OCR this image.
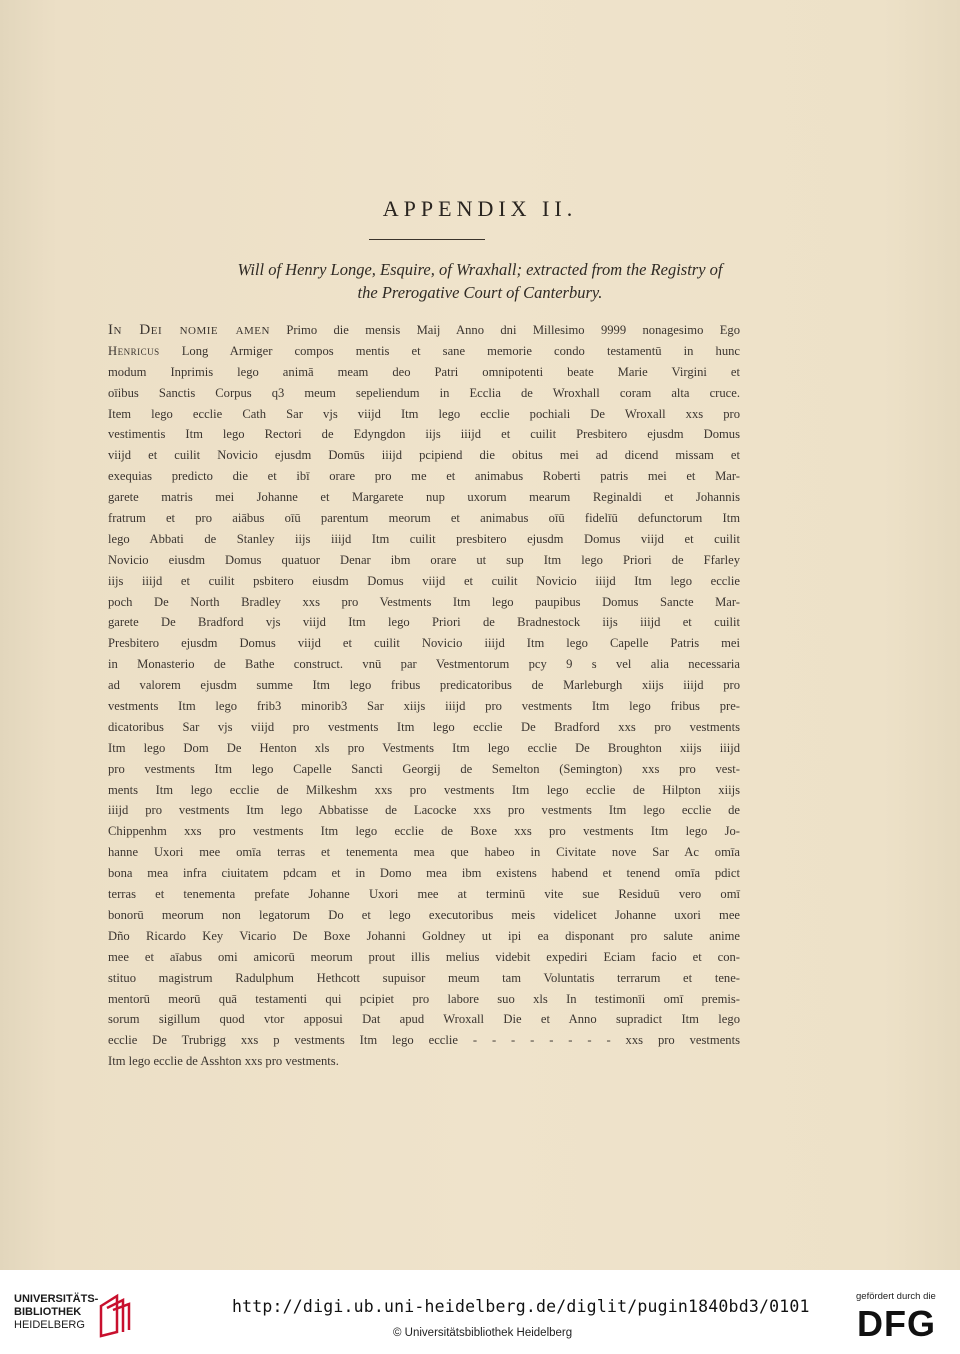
APPENDIX II.

Will of Henry Longe, Esquire, of Wraxhall; extracted from the Registry of
the Prerogative Court of Canterbury.

In Dei nomie amen Primo die mensis Maij Anno dni Millesimo 9999 nonagesimo Ego
Henricus Long Armiger compos mentis et sane memorie condo testamentū in hunc
modum Inprimis lego animā meam deo Patri omnipotenti beate Marie Virgini et
oīibus Sanctis Corpus q3 meum sepeliendum in Ecclia de Wroxhall coram alta cruce.
Item lego ecclie Cath Sar vjs viijd Itm lego ecclie pochiali De Wroxall xxs pro
vestimentis Itm lego Rectori de Edyngdon iijs iiijd et cuilit Presbitero ejusdm Domus
viijd et cuilit Novicio ejusdm Domūs iiijd pcipiend die obitus mei ad dicend missam et
exequias predicto die et ibī orare pro me et animabus Roberti patris mei et Mar-
garete matris mei Johanne et Margarete nup uxorum mearum Reginaldi et Johannis
fratrum et pro aiābus oīū parentum meorum et animabus oīū fidelīū defunctorum Itm
lego Abbati de Stanley iijs iiijd Itm cuilit presbitero ejusdm Domus viijd et cuilit
Novicio eiusdm Domus quatuor Denar ibm orare ut sup Itm lego Priori de Ffarley
iijs iiijd et cuilit psbitero eiusdm Domus viijd et cuilit Novicio iiijd Itm lego ecclie
poch De North Bradley xxs pro Vestments Itm lego paupibus Domus Sancte Mar-
garete De Bradford vjs viijd Itm lego Priori de Bradnestock iijs iiijd et cuilit
Presbitero ejusdm Domus viijd et cuilit Novicio iiijd Itm lego Capelle Patris mei
in Monasterio de Bathe construct. vnū par Vestmentorum pcy 9 s vel alia necessaria
ad valorem ejusdm summe Itm lego fribus predicatoribus de Marleburgh xiijs iiijd pro
vestments Itm lego frib3 minorib3 Sar xiijs iiijd pro vestments Itm lego fribus pre-
dicatoribus Sar vjs viijd pro vestments Itm lego ecclie De Bradford xxs pro vestments
Itm lego Dom De Henton xls pro Vestments Itm lego ecclie De Broughton xiijs iiijd
pro vestments Itm lego Capelle Sancti Georgij de Semelton (Semington) xxs pro vest-
ments Itm lego ecclie de Milkeshm xxs pro vestments Itm lego ecclie de Hilpton xiijs
iiijd pro vestments Itm lego Abbatisse de Lacocke xxs pro vestments Itm lego ecclie de
Chippenhm xxs pro vestments Itm lego ecclie de Boxe xxs pro vestments Itm lego Jo-
hanne Uxori mee omīa terras et tenementa mea que habeo in Civitate nove Sar Ac omīa
bona mea infra ciuitatem pdcam et in Domo mea ibm existens habend et tenend omīa pdict
terras et tenementa prefate Johanne Uxori mee at terminū vite sue Residuū vero omī
bonorū meorum non legatorum Do et lego executoribus meis videlicet Johanne uxori mee
Dño Ricardo Key Vicario De Boxe Johanni Goldney ut ipi ea disponant pro salute anime
mee et aīabus omi amicorū meorum prout illis melius videbit expediri Eciam facio et con-
stituo magistrum Radulphum Hethcott supuisor meum tam Voluntatis terrarum et tene-
mentorū meorū quā testamenti qui pcipiet pro labore suo xls In testimonīi omī premis-
sorum sigillum quod vtor apposui Dat apud Wroxall Die et Anno supradict Itm lego
ecclie De Trubrigg xxs p vestments Itm lego ecclie - - - - - - - - xxs pro vestments
Itm lego ecclie de Asshton xxs pro vestments.
UNIVERSITÄTS-
BIBLIOTHEK
HEIDELBERG
http://digi.ub.uni-heidelberg.de/diglit/pugin1840bd3/0101
© Universitätsbibliothek Heidelberg
gefördert durch die
DFG
